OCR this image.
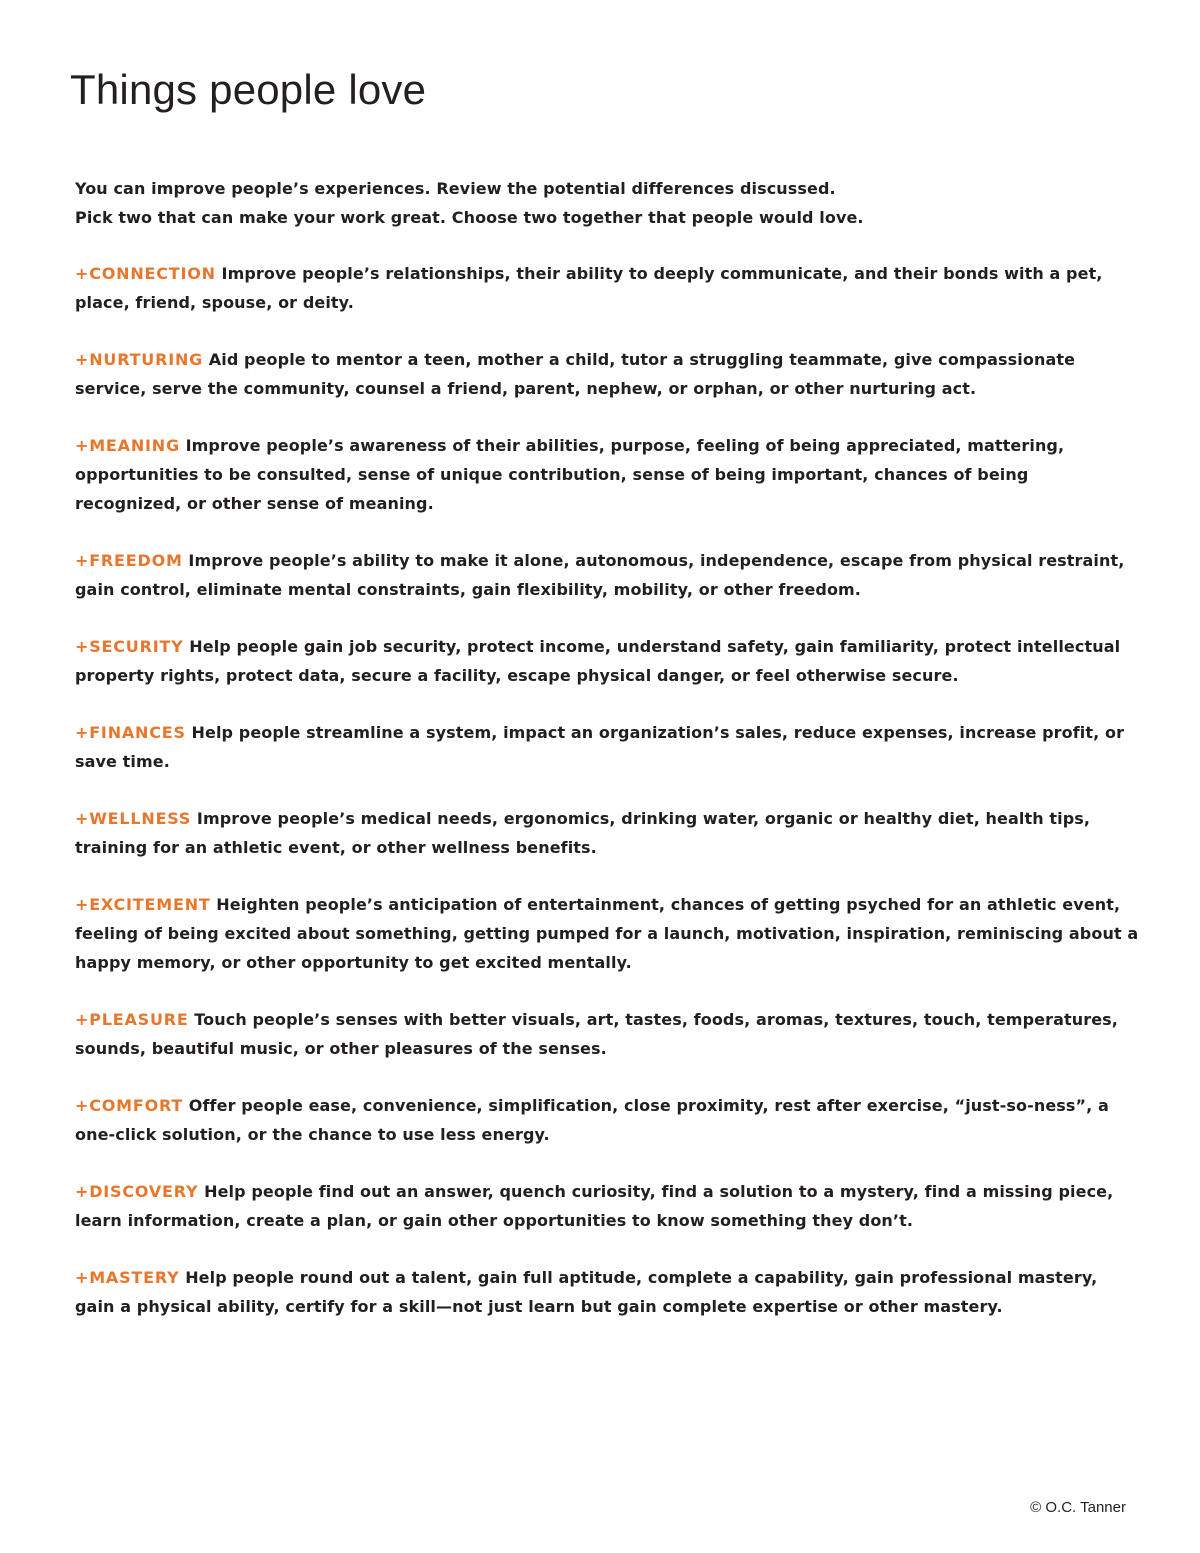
Things people love

You can improve people’s experiences. Review the potential differences discussed.

Pick two that can make your work great. Choose two together that people would love.

+CONNECTION Improve people’s relationships, their ability to deeply communicate, and their bonds with a pet, place, friend, spouse, or deity.
+NURTURING Aid people to mentor a teen, mother a child, tutor a struggling teammate, give compassionate service, serve the community, counsel a friend, parent, nephew, or orphan, or other nurturing act.
+MEANING Improve people’s awareness of their abilities, purpose, feeling of being appreciated, mattering, opportunities to be consulted, sense of unique contribution, sense of being important, chances of being recognized, or other sense of meaning.
+FREEDOM Improve people’s ability to make it alone, autonomous, independence, escape from physical restraint, gain control, eliminate mental constraints, gain flexibility, mobility, or other freedom.
+SECURITY Help people gain job security, protect income, understand safety, gain familiarity, protect intellectual property rights, protect data, secure a facility, escape physical danger, or feel otherwise secure.
+FINANCES Help people streamline a system, impact an organization’s sales, reduce expenses, increase profit, or save time.
+WELLNESS Improve people’s medical needs, ergonomics, drinking water, organic or healthy diet, health tips, training for an athletic event, or other wellness benefits.
+EXCITEMENT Heighten people’s anticipation of entertainment, chances of getting psyched for an athletic event, feeling of being excited about something, getting pumped for a launch, motivation, inspiration, reminiscing about a happy memory, or other opportunity to get excited mentally.
+PLEASURE Touch people’s senses with better visuals, art, tastes, foods, aromas, textures, touch, temperatures, sounds, beautiful music, or other pleasures of the senses.
+COMFORT Offer people ease, convenience, simplification, close proximity, rest after exercise, “just-so-ness”, a one-click solution, or the chance to use less energy.
+DISCOVERY Help people find out an answer, quench curiosity, find a solution to a mystery, find a missing piece, learn information, create a plan, or gain other opportunities to know something they don’t.
+MASTERY Help people round out a talent, gain full aptitude, complete a capability, gain professional mastery, gain a physical ability, certify for a skill—not just learn but gain complete expertise or other mastery.

© O.C. Tanner
